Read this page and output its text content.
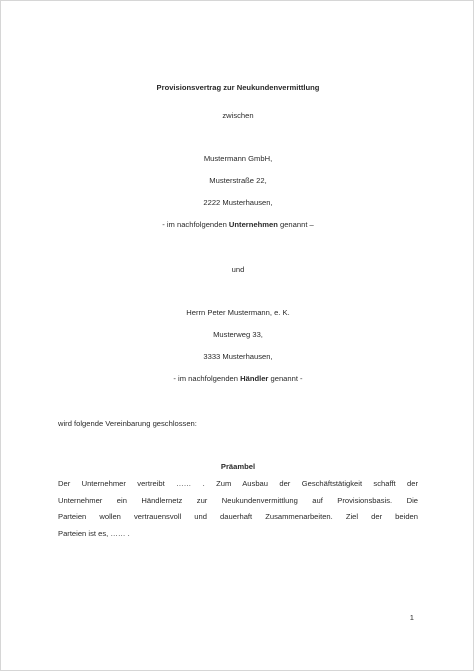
Provisionsvertrag zur Neukundenvermittlung

zwischen

Mustermann GmbH,

Musterstraße 22,

2222 Musterhausen,

- im nachfolgenden Unternehmen genannt –

und

Herrn Peter Mustermann, e. K.

Musterweg 33,

3333 Musterhausen,

- im nachfolgenden Händler genannt -

wird folgende Vereinbarung geschlossen:

Präambel
Der Unternehmer vertreibt …… . Zum Ausbau der Geschäftstätigkeit schafft der
Unternehmer ein Händlernetz zur Neukundenvermittlung auf Provisionsbasis. Die
Parteien wollen vertrauensvoll und dauerhaft Zusammenarbeiten. Ziel der beiden
Parteien ist es, …… .
1
